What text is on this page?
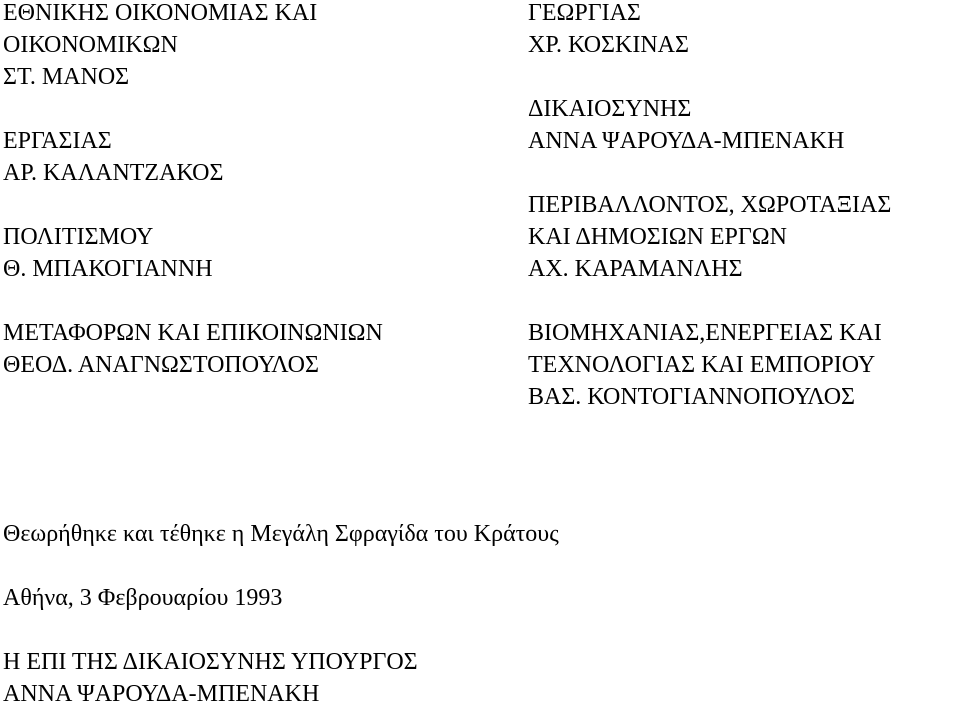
ΕΘΝΙΚΗΣ ΟΙΚΟΝΟΜΙΑΣ ΚΑΙ
ΟΙΚΟΝΟΜΙΚΩΝ
ΣΤ. ΜΑΝΟΣ
ΕΡΓΑΣΙΑΣ
ΑΡ. ΚΑΛΑΝΤΖΑΚΟΣ
ΠΟΛΙΤΙΣΜΟΥ
Θ. ΜΠΑΚΟΓΙΑΝΝΗ
ΜΕΤΑΦΟΡΩΝ ΚΑΙ ΕΠΙΚΟΙΝΩΝΙΩΝ
ΘΕΟΔ. ΑΝΑΓΝΩΣΤΟΠΟΥΛΟΣ
ΓΕΩΡΓΙΑΣ
ΧΡ. ΚΟΣΚΙΝΑΣ
ΔΙΚΑΙΟΣΥΝΗΣ
ΑΝΝΑ ΨΑΡΟΥΔΑ-ΜΠΕΝΑΚΗ
ΠΕΡΙΒΑΛΛΟΝΤΟΣ, ΧΩΡΟΤΑΞΙΑΣ
ΚΑΙ ΔΗΜΟΣΙΩΝ ΕΡΓΩΝ
ΑΧ. ΚΑΡΑΜΑΝΛΗΣ
ΒΙΟΜΗΧΑΝΙΑΣ,ΕΝΕΡΓΕΙΑΣ ΚΑΙ
ΤΕΧΝΟΛΟΓΙΑΣ ΚΑΙ ΕΜΠΟΡΙΟΥ
ΒΑΣ. ΚΟΝΤΟΓΙΑΝΝΟΠΟΥΛΟΣ
Θεωρήθηκε και τέθηκε η Μεγάλη Σφραγίδα του Κράτους
Αθήνα, 3 Φεβρουαρίου 1993
Η ΕΠΙ ΤΗΣ ΔΙΚΑΙΟΣΥΝΗΣ ΥΠΟΥΡΓΟΣ
ΑΝΝΑ ΨΑΡΟΥΔΑ-ΜΠΕΝΑΚΗ
